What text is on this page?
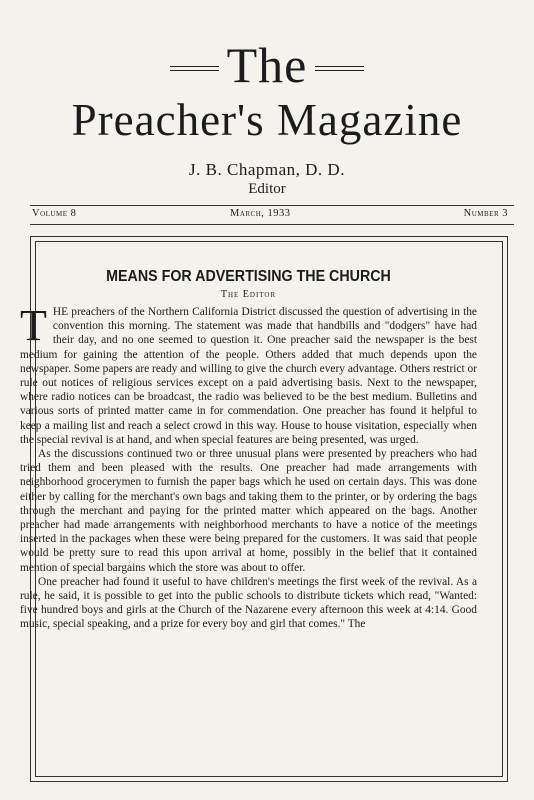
The
Preacher's Magazine
J. B. Chapman, D. D.
Editor
Volume 8	March, 1933	Number 3
MEANS FOR ADVERTISING THE CHURCH
The Editor

THE preachers of the Northern California District discussed the question of advertising in the convention this morning. The statement was made that handbills and "dodgers" have had their day, and no one seemed to question it. One preacher said the newspaper is the best medium for gaining the attention of the people. Others added that much depends upon the newspaper. Some papers are ready and willing to give the church every advantage. Others restrict or rule out notices of religious services except on a paid advertising basis. Next to the newspaper, where radio notices can be broadcast, the radio was believed to be the best medium. Bulletins and various sorts of printed matter came in for commendation. One preacher has found it helpful to keep a mailing list and reach a select crowd in this way. House to house visitation, especially when the special revival is at hand, and when special features are being presented, was urged.

As the discussions continued two or three unusual plans were presented by preachers who had tried them and been pleased with the results. One preacher had made arrangements with neighborhood grocerymen to furnish the paper bags which he used on certain days. This was done either by calling for the merchant's own bags and taking them to the printer, or by ordering the bags through the merchant and paying for the printed matter which appeared on the bags. Another preacher had made arrangements with neighborhood merchants to have a notice of the meetings inserted in the packages when these were being prepared for the customers. It was said that people would be pretty sure to read this upon arrival at home, possibly in the belief that it contained mention of special bargains which the store was about to offer.

One preacher had found it useful to have children's meetings the first week of the revival. As a rule, he said, it is possible to get into the public schools to distribute tickets which read, "Wanted: five hundred boys and girls at the Church of the Nazarene every afternoon this week at 4:14. Good music, special speaking, and a prize for every boy and girl that comes." The
